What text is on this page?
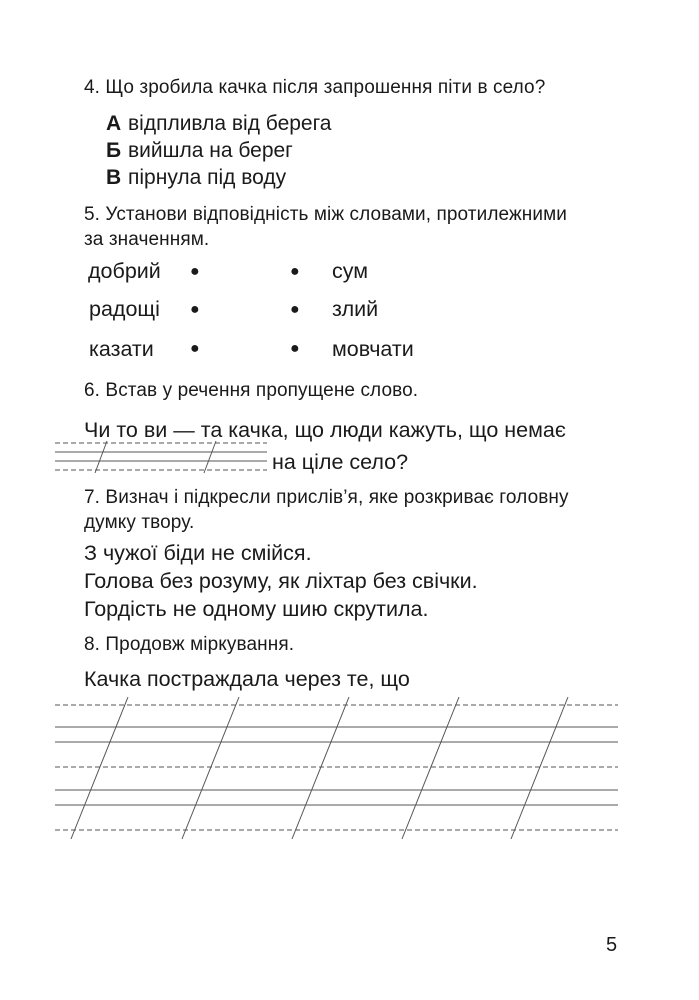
4. Що зробила качка після запрошення піти в село?
А відпливла від берега
Б вийшла на берег
В пірнула під воду
5. Установи відповідність між словами, протилежними
за значенням.
добрий ●	● сум
радощі ●	● злий
казати ●	● мовчати
6. Встав у речення пропущене слово.
Чи то ви — та качка, що люди кажуть, що немає
на ціле село?
7. Визнач і підкресли прислів’я, яке розкриває головну
думку твору.
З чужої біди не смійся.
Голова без розуму, як ліхтар без свічки.
Гордість не одному шию скрутила.
8. Продовж міркування.
Качка постраждала через те, що
5
